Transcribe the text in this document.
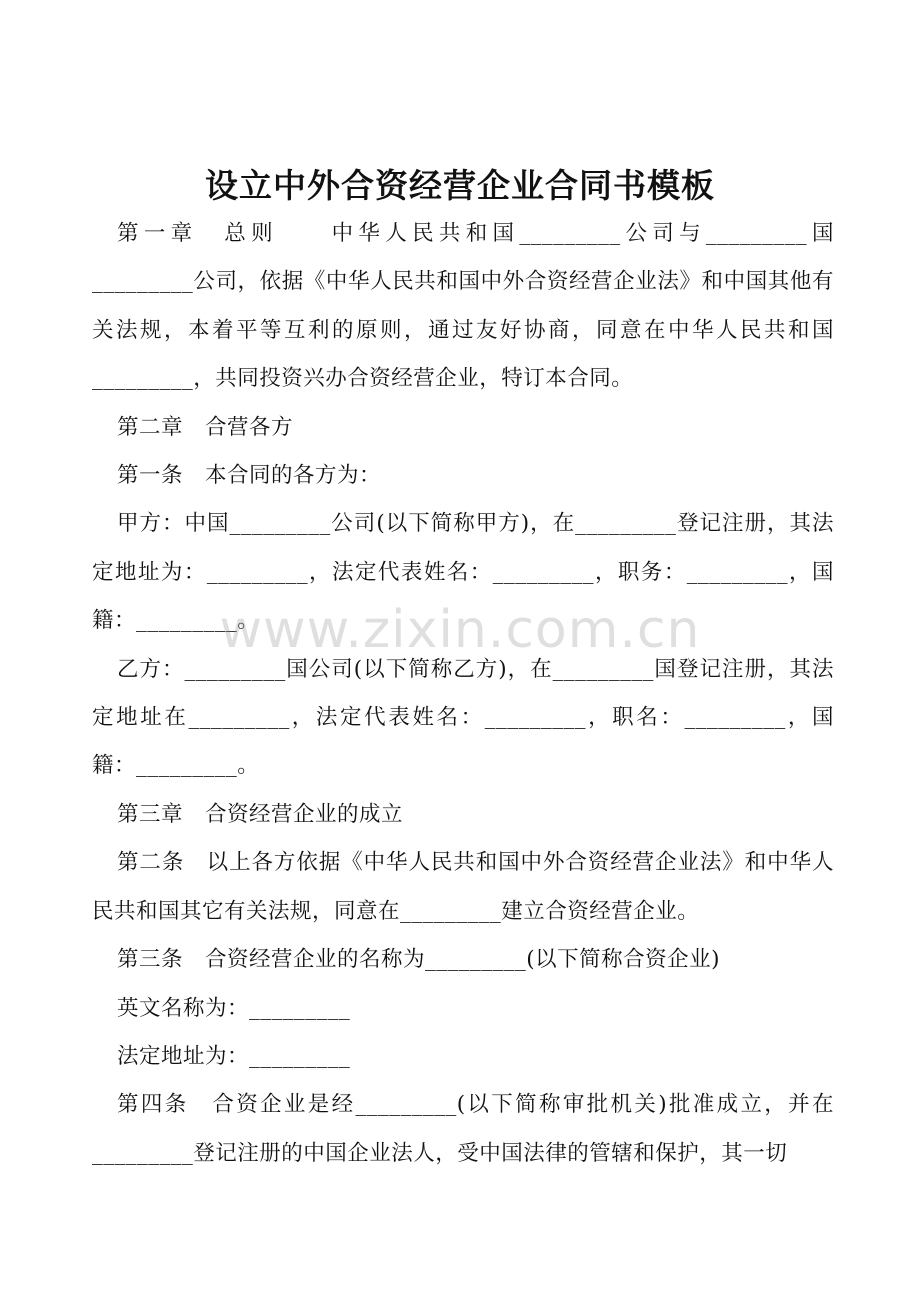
设立中外合资经营企业合同书模板

第一章　总则　　中华人民共和国_________公司与_________国_________公司，依据《中华人民共和国中外合资经营企业法》和中国其他有关法规，本着平等互利的原则，通过友好协商，同意在中华人民共和国_________，共同投资兴办合资经营企业，特订本合同。

第二章　合营各方

第一条　本合同的各方为：

甲方：中国_________公司(以下简称甲方)，在_________登记注册，其法定地址为：_________，法定代表姓名：_________，职务：_________，国籍：_________。

乙方：_________国公司(以下简称乙方)，在_________国登记注册，其法定地址在_________，法定代表姓名：_________，职名：_________，国籍：_________。

第三章　合资经营企业的成立

第二条　以上各方依据《中华人民共和国中外合资经营企业法》和中华人民共和国其它有关法规，同意在_________建立合资经营企业。

第三条　合资经营企业的名称为_________(以下简称合资企业)

英文名称为：_________

法定地址为：_________

第四条　合资企业是经_________(以下简称审批机关)批准成立，并在_________登记注册的中国企业法人，受中国法律的管辖和保护，其一切

www.zixin.com.cn
